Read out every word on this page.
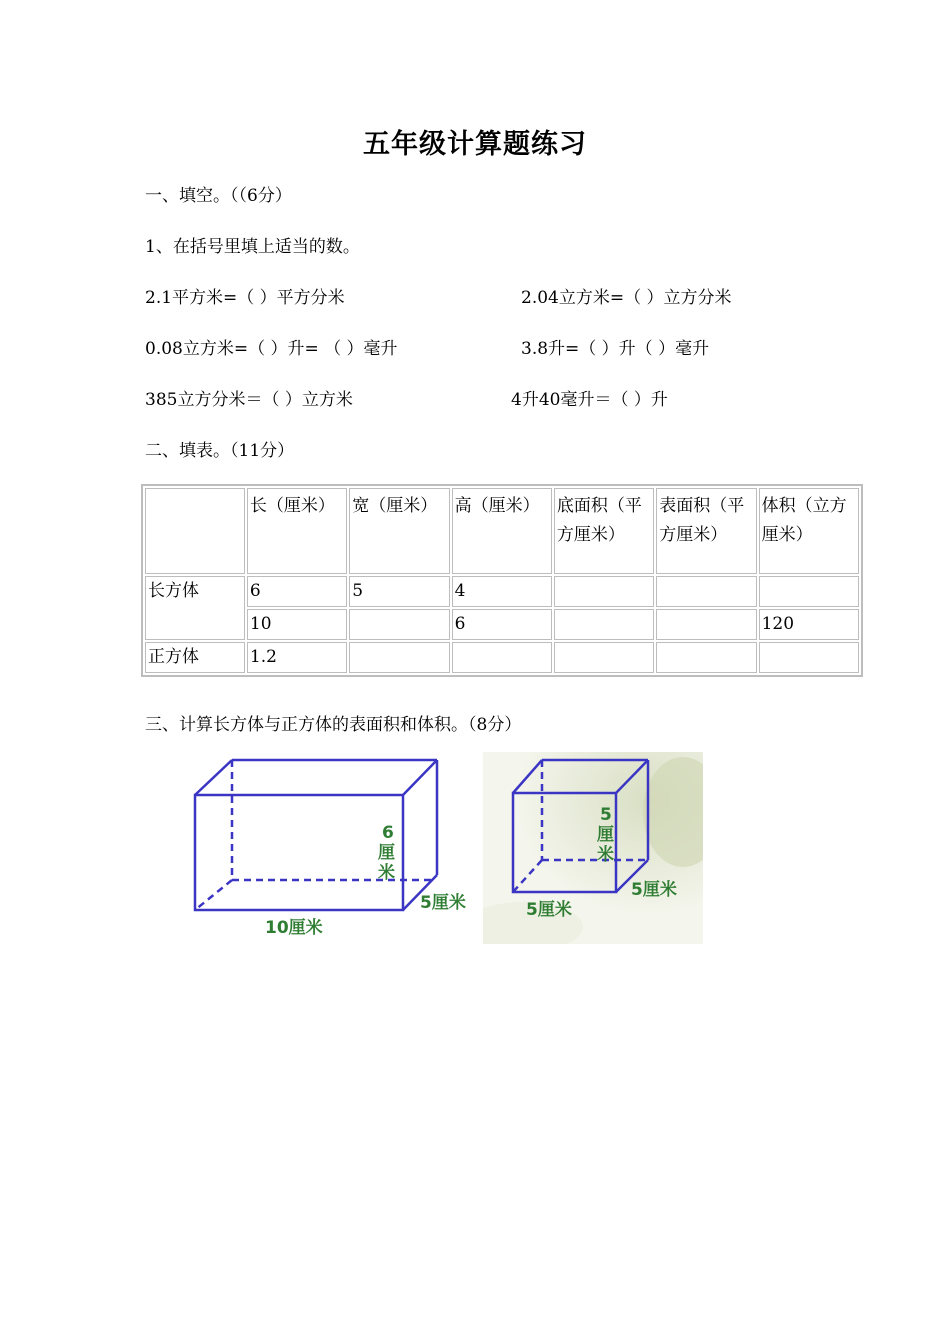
五年级计算题练习
一、填空。（（6分）
1、在括号里填上适当的数。
2.1平方米=（ ）平方分米	2.04立方米=（ ）立方分米
0.08立方米=（ ）升= （ ）毫升	3.8升=（ ）升（ ）毫升
385立方分米＝（ ）立方米	4升40毫升＝（ ）升
二、填表。（11分）
	长（厘米）	宽（厘米）	高（厘米）	底面积（平方厘米）	表面积（平方厘米）	体积（立方厘米）
长方体	6	5	4			
	10		6			120
正方体	1.2					
三、计算长方体与正方体的表面积和体积。（8分）
6
厘
米
5厘米
10厘米
5
厘
米
5厘米
5厘米
